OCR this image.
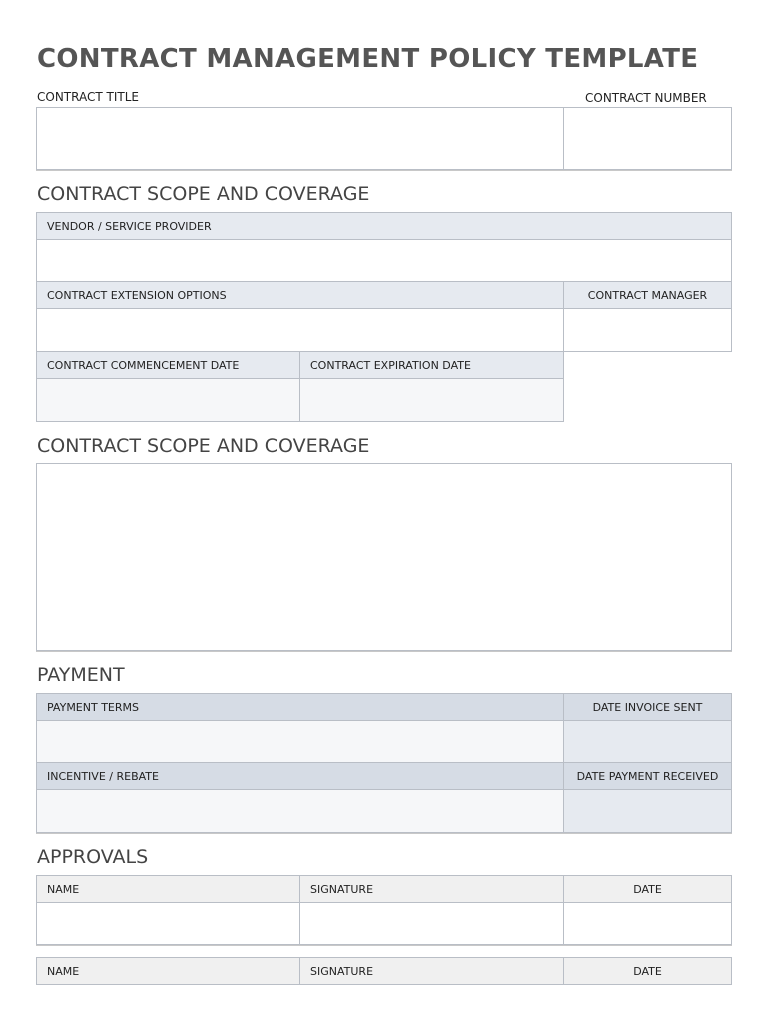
CONTRACT MANAGEMENT POLICY TEMPLATE
CONTRACT TITLE	CONTRACT NUMBER
CONTRACT SCOPE AND COVERAGE
VENDOR / SERVICE PROVIDER
CONTRACT EXTENSION OPTIONS	CONTRACT MANAGER
CONTRACT COMMENCEMENT DATE	CONTRACT EXPIRATION DATE
CONTRACT SCOPE AND COVERAGE
PAYMENT
PAYMENT TERMS	DATE INVOICE SENT
INCENTIVE / REBATE	DATE PAYMENT RECEIVED
APPROVALS
NAME	SIGNATURE	DATE
NAME	SIGNATURE	DATE
